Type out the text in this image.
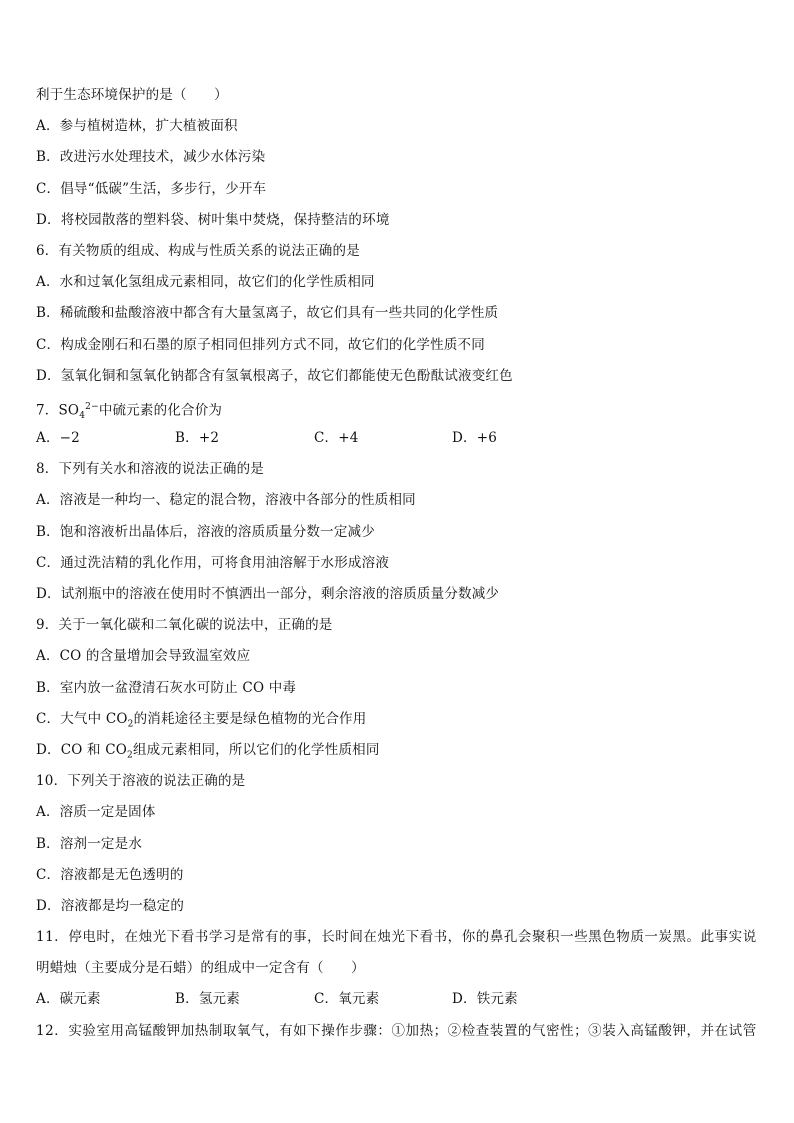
利于生态环境保护的是（　　）
A．参与植树造林，扩大植被面积
B．改进污水处理技术，减少水体污染
C．倡导“低碳”生活，多步行，少开车
D．将校园散落的塑料袋、树叶集中焚烧，保持整洁的环境
6．有关物质的组成、构成与性质关系的说法正确的是
A．水和过氧化氢组成元素相同，故它们的化学性质相同
B．稀硫酸和盐酸溶液中都含有大量氢离子，故它们具有一些共同的化学性质
C．构成金刚石和石墨的原子相同但排列方式不同，故它们的化学性质不同
D．氢氧化铜和氢氧化钠都含有氢氧根离子，故它们都能使无色酚酞试液变红色
7．$SO_4^{2-}$中硫元素的化合价为
A．−2	B．+2	C．+4	D．+6
8．下列有关水和溶液的说法正确的是
A．溶液是一种均一、稳定的混合物，溶液中各部分的性质相同
B．饱和溶液析出晶体后，溶液的溶质质量分数一定减少
C．通过洗洁精的乳化作用，可将食用油溶解于水形成溶液
D．试剂瓶中的溶液在使用时不慎洒出一部分，剩余溶液的溶质质量分数减少
9．关于一氧化碳和二氧化碳的说法中，正确的是
A．CO 的含量增加会导致温室效应
B．室内放一盆澄清石灰水可防止 CO 中毒
C．大气中 $CO_2$的消耗途径主要是绿色植物的光合作用
D．CO 和 $CO_2$组成元素相同，所以它们的化学性质相同
10．下列关于溶液的说法正确的是
A．溶质一定是固体
B．溶剂一定是水
C．溶液都是无色透明的
D．溶液都是均一稳定的
11．停电时，在烛光下看书学习是常有的事，长时间在烛光下看书，你的鼻孔会聚积一些黑色物质一炭黑。此事实说
明蜡烛（主要成分是石蜡）的组成中一定含有（　　）
A．碳元素	B．氢元素	C．氧元素	D．铁元素
12．实验室用高锰酸钾加热制取氧气，有如下操作步骤：①加热；②检查装置的气密性；③装入高锰酸钾，并在试管
